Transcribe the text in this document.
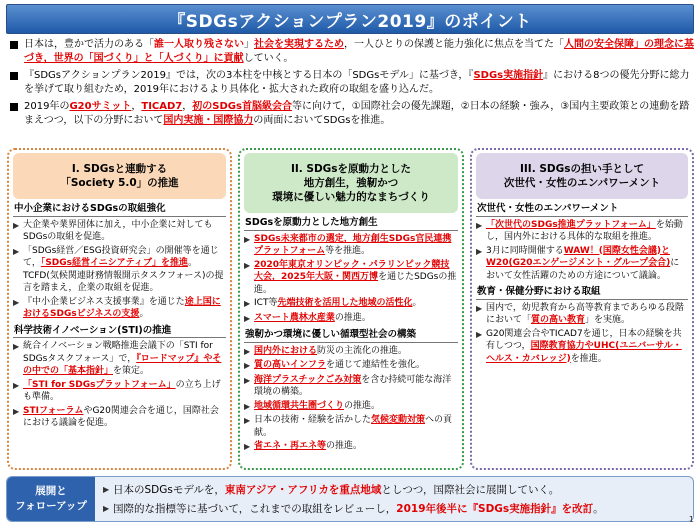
『SDGsアクションプラン2019』のポイント
日本は，豊かで活力のある「誰一人取り残さない」社会を実現するため，一人ひとりの保護と能力強化に焦点を当てた「人間の安全保障」の理念に基づき，世界の「国づくり」と「人づくり」に貢献していく。
『SDGsアクションプラン2019』では，次の3本柱を中核とする日本の「SDGsモデル」に基づき，『SDGs実施指針』における8つの優先分野に総力を挙げて取り組むため，2019年におけるより具体化・拡大された政府の取組を盛り込んだ。
2019年のG20サミット，TICAD7，初のSDGs首脳級会合等に向けて，①国際社会の優先課題，②日本の経験・強み，③国内主要政策との連動を踏まえつつ，以下の分野において国内実施・国際協力の両面においてSDGsを推進。
I. SDGsと連動する
「Society 5.0」の推進
中小企業におけるSDGsの取組強化
▶ 大企業や業界団体に加え，中小企業に対してもSDGsの取組を促進。
▶ 「SDGs経営／ESG投資研究会」の開催等を通じて，「SDGs経営イニシアティブ」を推進。TCFD(気候関連財務情報開示タスクフォース)の提言を踏まえ，企業の取組を促進。
▶ 『中小企業ビジネス支援事業』を通じた途上国におけるSDGsビジネスの支援。
科学技術イノベーション(STI)の推進
▶ 統合イノベーション戦略推進会議下の「STI for SDGsタスクフォース」で，『ロードマップ』やその中での「基本指針」を策定。
▶ 「STI for SDGsプラットフォーム」の立ち上げも準備。
▶ STIフォーラムやG20関連会合を通じ，国際社会における議論を促進。
II. SDGsを原動力とした
地方創生，強靭かつ
環境に優しい魅力的なまちづくり
SDGsを原動力とした地方創生
▶ SDGs未来都市の選定，地方創生SDGs官民連携プラットフォーム等を推進。
▶ 2020年東京オリンピック・パラリンピック競技大会，2025年大阪・関西万博を通じたSDGsの推進。
▶ ICT等先端技術を活用した地域の活性化。
▶ スマート農林水産業の推進。
強靭かつ環境に優しい循環型社会の構築
▶ 国内外における防災の主流化の推進。
▶ 質の高いインフラを通じて連結性を強化。
▶ 海洋プラスチックごみ対策を含む持続可能な海洋環境の構築。
▶ 地域循環共生圏づくりの推進。
▶ 日本の技術・経験を活かした気候変動対策への貢献。
▶ 省エネ・再エネ等の推進。
III. SDGsの担い手として
次世代・女性のエンパワーメント
次世代・女性のエンパワーメント
▶ 「次世代のSDGs推進プラットフォーム」を始動し，国内外における具体的な取組を推進。
▶ 3月に同時開催するWAW！(国際女性会議)とW20(G20エンゲージメント・グループ会合)において女性活躍のための方途について議論。
教育・保健分野における取組
▶ 国内で，幼児教育から高等教育まであらゆる段階において「質の高い教育」を実施。
▶ G20関連会合やTICAD7を通じ，日本の経験を共有しつつ，国際教育協力やUHC(ユニバーサル・ヘルス・カバレッジ)を推進。
展開と
フォローアップ
▶ 日本のSDGsモデルを， 東南アジア・アフリカを重点地域 としつつ，国際社会に展開していく。
▶ 国際的な指標等に基づいて，これまでの取組をレビューし， 2019年後半に『SDGs実施指針』を改訂 。
1
